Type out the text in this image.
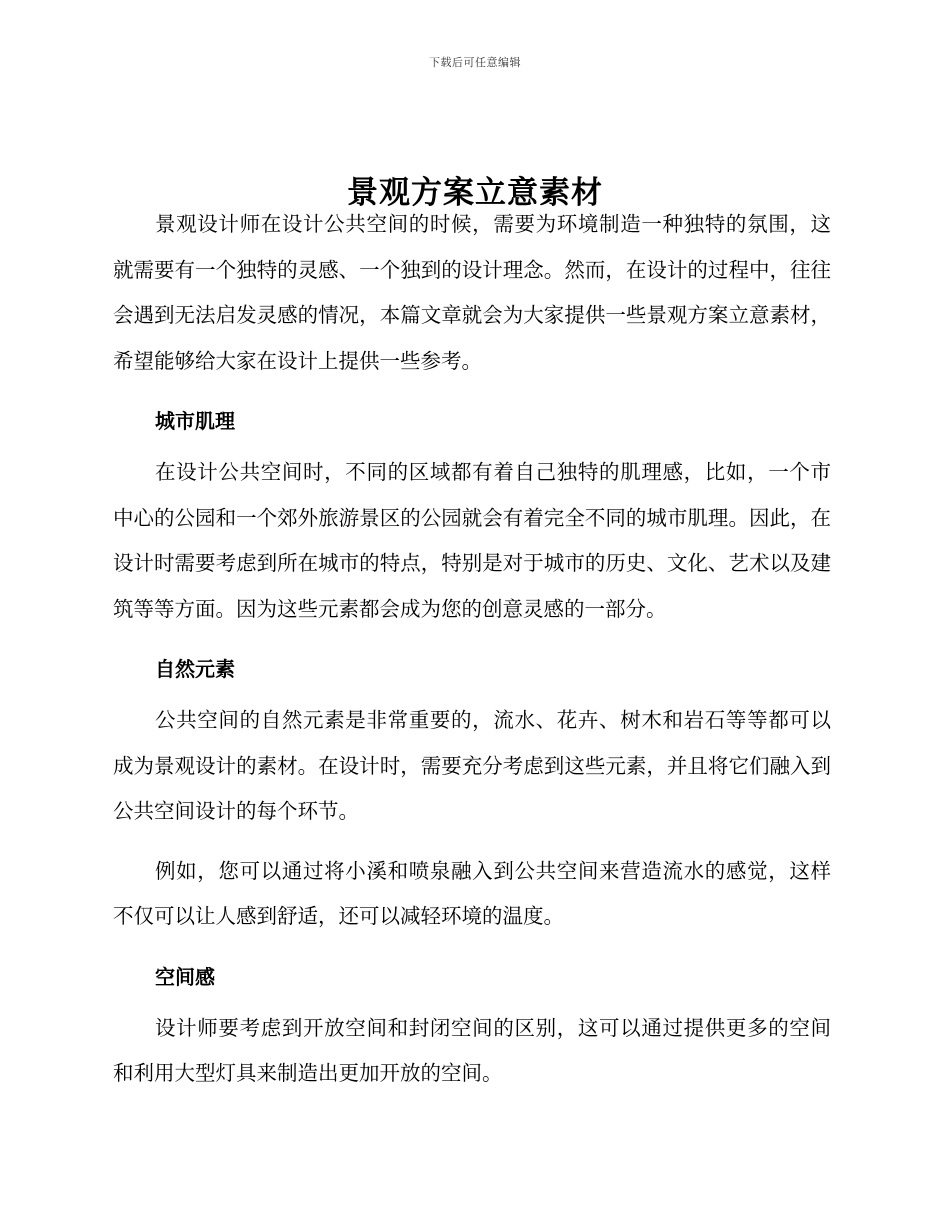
下载后可任意编辑
景观方案立意素材

景观设计师在设计公共空间的时候，需要为环境制造一种独特的氛围，这就需要有一个独特的灵感、一个独到的设计理念。然而，在设计的过程中，往往会遇到无法启发灵感的情况，本篇文章就会为大家提供一些景观方案立意素材，希望能够给大家在设计上提供一些参考。

城市肌理

在设计公共空间时，不同的区域都有着自己独特的肌理感，比如，一个市中心的公园和一个郊外旅游景区的公园就会有着完全不同的城市肌理。因此，在设计时需要考虑到所在城市的特点，特别是对于城市的历史、文化、艺术以及建筑等等方面。因为这些元素都会成为您的创意灵感的一部分。

自然元素

公共空间的自然元素是非常重要的，流水、花卉、树木和岩石等等都可以成为景观设计的素材。在设计时，需要充分考虑到这些元素，并且将它们融入到公共空间设计的每个环节。

例如，您可以通过将小溪和喷泉融入到公共空间来营造流水的感觉，这样不仅可以让人感到舒适，还可以减轻环境的温度。

空间感

设计师要考虑到开放空间和封闭空间的区别，这可以通过提供更多的空间和利用大型灯具来制造出更加开放的空间。
